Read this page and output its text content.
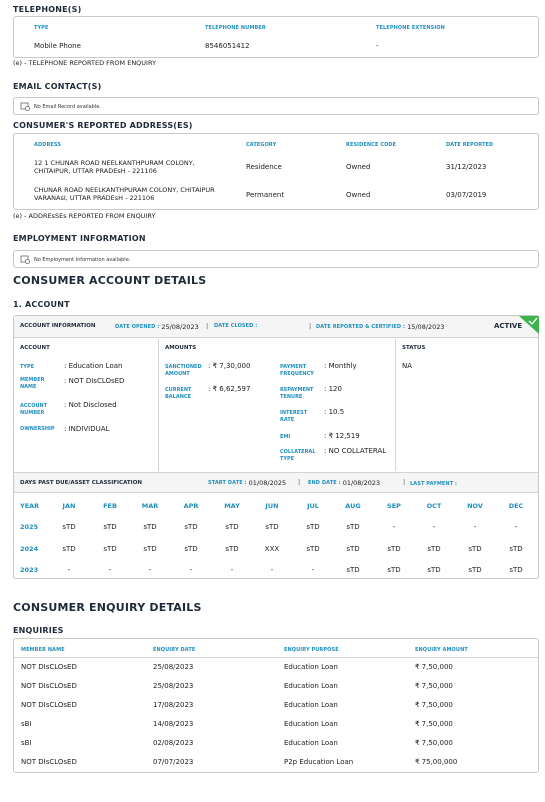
TELEPHONE(S)
TYPE	TELEPHONE NUMBER	TELEPHONE EXTENSION
Mobile Phone	8546051412	-
(e) - TELEPHONE REPORTED FROM ENQUIRY
EMAIL CONTACT(S)
No Email Record available.
CONSUMER'S REPORTED ADDRESS(ES)
ADDRESS	CATEGORY	RESIDENCE CODE	DATE REPORTED
12 1 CHUNAR ROAD NEELKANTHPURAM COLONY,
CHITAIPUR, UTTAR PRADEsH - 221106	Residence	Owned	31/12/2023
CHUNAR ROAD NEELKANTHPURAM COLONY, CHITAIPUR
VARANAsI, UTTAR PRADEsH - 221106	Permanent	Owned	03/07/2019
(e) - ADDREsSEs REPORTED FROM ENQUIRY
EMPLOYMENT INFORMATION
No Employment Information available.
CONSUMER ACCOUNT DETAILS
1. ACCOUNT
ACCOUNT INFORMATION	DATE OPENED : 25/08/2023 | DATE CLOSED :	| DATE REPORTED & CERTIFIED : 15/08/2023	ACTIVE
ACCOUNT	AMOUNTS	STATUS
NA
TYPE	: Education Loan
MEMBER
NAME
: NOT DIsCLOsED
ACCOUNT
NUMBER
: Not Disclosed
OWNERSHIP : INDIVIDUAL
SANCTIONED
AMOUNT
: ₹ 7,30,000
CURRENT
BALANCE
: ₹ 6,62,597
PAYMENT
FREQUENCY
: Monthly
REPAYMENT
TENURE
: 120
INTEREST
RATE
: 10.5
EMI	: ₹ 12,519
COLLATERAL
TYPE
: NO COLLATERAL
DAYS PAST DUE/ASSET CLASSIFICATION	START DATE : 01/08/2025 | END DATE : 01/08/2023	| LAST PAYMENT :
YEAR	JAN	FEB	MAR	APR	MAY	JUN	JUL	AUG	SEP	OCT	NOV	DEC
2025	sTD	sTD	sTD	sTD	sTD	sTD	sTD	sTD	-	-	-	-
2024	sTD	sTD	sTD	sTD	sTD	XXX	sTD	sTD	sTD	sTD	sTD	sTD
2023	-	-	-	-	-	-	-	sTD	sTD	sTD	sTD	sTD
CONSUMER ENQUIRY DETAILS
ENQUIRIES
MEMBER NAME	ENQUIRY DATE	ENQUIRY PURPOSE	ENQUIRY AMOUNT
NOT DIsCLOsED	25/08/2023	Education Loan	₹ 7,50,000
NOT DIsCLOsED	25/08/2023	Education Loan	₹ 7,50,000
NOT DIsCLOsED	17/08/2023	Education Loan	₹ 7,50,000
sBI	14/08/2023	Education Loan	₹ 7,50,000
sBI	02/08/2023	Education Loan	₹ 7,50,000
NOT DIsCLOsED	07/07/2023	P2p Education Loan	₹ 75,00,000
